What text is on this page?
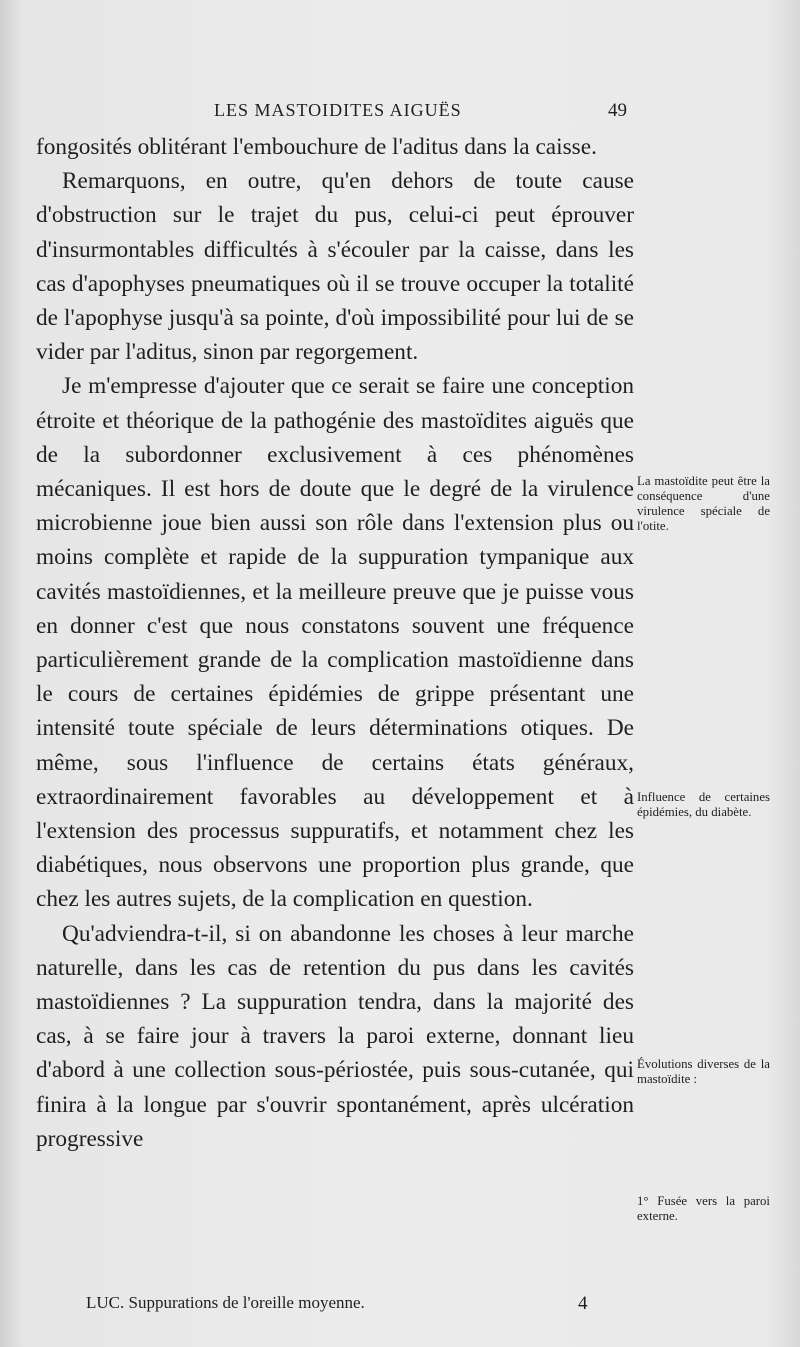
LES MASTOIDITES AIGUËS	49

fongosités oblitérant l'embouchure de l'aditus dans la caisse.

Remarquons, en outre, qu'en dehors de toute cause d'obstruction sur le trajet du pus, celui-ci peut éprouver d'insurmontables difficultés à s'écouler par la caisse, dans les cas d'apophyses pneumatiques où il se trouve occuper la totalité de l'apophyse jusqu'à sa pointe, d'où impossibilité pour lui de se vider par l'aditus, sinon par regorgement.

Je m'empresse d'ajouter que ce serait se faire une conception étroite et théorique de la pathogénie des mastoïdites aiguës que de la subordonner exclusivement à ces phénomènes mécaniques. Il est hors de doute que le degré de la virulence microbienne joue bien aussi son rôle dans l'extension plus ou moins complète et rapide de la suppuration tympanique aux cavités mastoïdiennes, et la meilleure preuve que je puisse vous en donner c'est que nous constatons souvent une fréquence particulièrement grande de la complication mastoïdienne dans le cours de certaines épidémies de grippe présentant une intensité toute spéciale de leurs déterminations otiques. De même, sous l'influence de certains états généraux, extraordinairement favorables au développement et à l'extension des processus suppuratifs, et notamment chez les diabétiques, nous observons une proportion plus grande, que chez les autres sujets, de la complication en question.

Qu'adviendra-t-il, si on abandonne les choses à leur marche naturelle, dans les cas de retention du pus dans les cavités mastoïdiennes ? La suppuration tendra, dans la majorité des cas, à se faire jour à travers la paroi externe, donnant lieu d'abord à une collection sous-périostée, puis sous-cutanée, qui finira à la longue par s'ouvrir spontanément, après ulcération progressive

La mastoïdite peut être la conséquence d'une virulence spéciale de l'otite.
Influence de certaines épidémies, du diabète.
Évolutions diverses de la mastoïdite :
1° Fusée vers la paroi externe.
LUC. Suppurations de l'oreille moyenne.	4
